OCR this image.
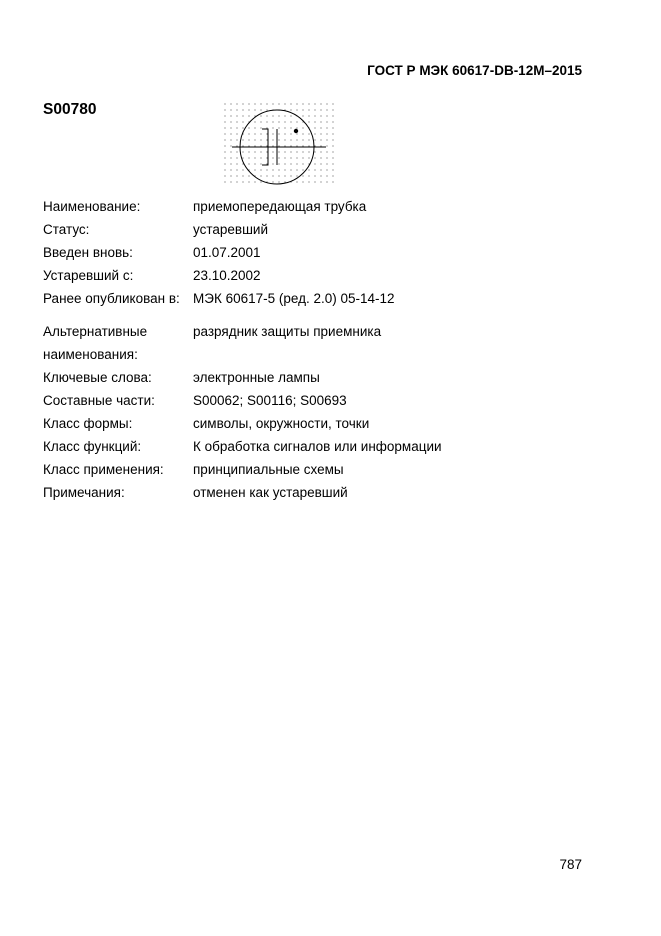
ГОСТ Р МЭК 60617-DB-12M–2015
S00780
Наименование:	приемопередающая трубка
Статус:	устаревший
Введен вновь:	01.07.2001
Устаревший с:	23.10.2002
Ранее опубликован в: МЭК 60617-5 (ред. 2.0) 05-14-12
Альтернативные	разрядник защиты приемника
наименования:
Ключевые слова:	электронные лампы
Составные части:	S00062; S00116; S00693
Класс формы:	символы, окружности, точки
Класс функций:	К обработка сигналов или информации
Класс применения:	принципиальные схемы
Примечания:	отменен как устаревший
787
